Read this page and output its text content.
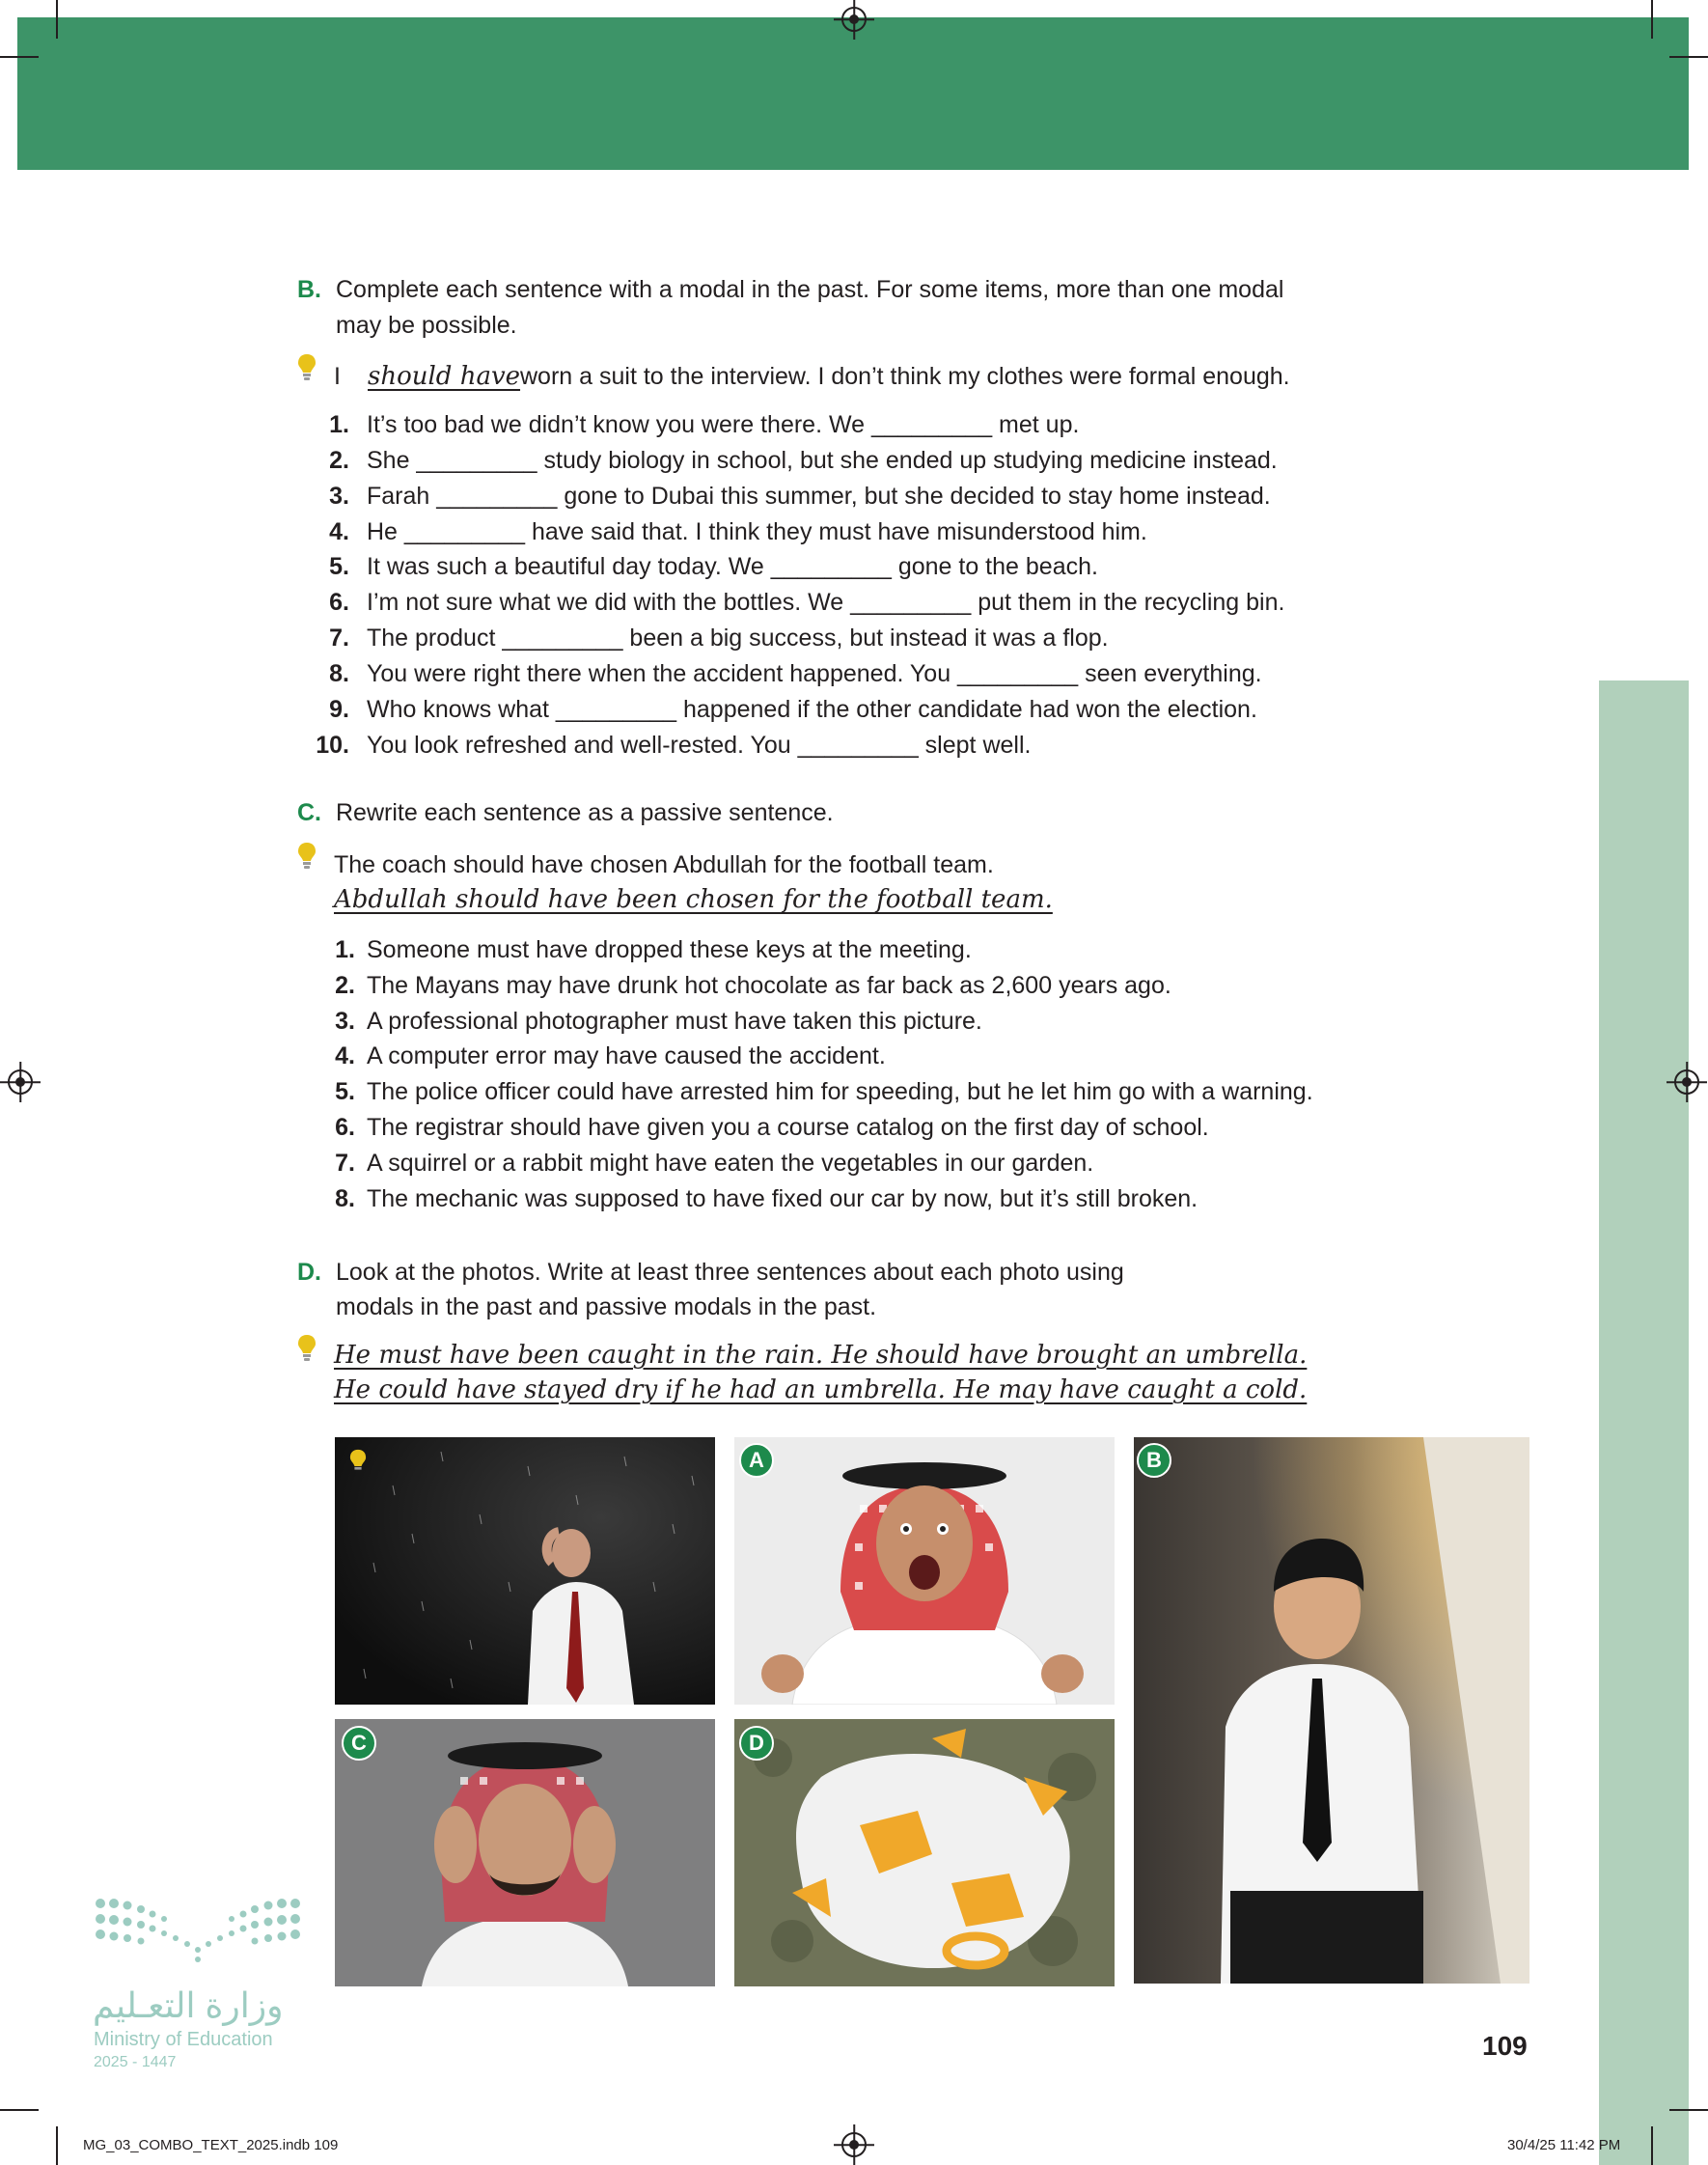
B. Complete each sentence with a modal in the past. For some items, more than one modal
may be possible.
I should have worn a suit to the interview. I don’t think my clothes were formal enough.
1. It’s too bad we didn’t know you were there. We _________ met up.
2. She _________ study biology in school, but she ended up studying medicine instead.
3. Farah _________ gone to Dubai this summer, but she decided to stay home instead.
4. He _________ have said that. I think they must have misunderstood him.
5. It was such a beautiful day today. We _________ gone to the beach.
6. I’m not sure what we did with the bottles. We _________ put them in the recycling bin.
7. The product _________ been a big success, but instead it was a flop.
8. You were right there when the accident happened. You _________ seen everything.
9. Who knows what _________ happened if the other candidate had won the election.
10. You look refreshed and well-rested. You _________ slept well.
C. Rewrite each sentence as a passive sentence.
The coach should have chosen Abdullah for the football team.
Abdullah should have been chosen for the football team.
1. Someone must have dropped these keys at the meeting.
2. The Mayans may have drunk hot chocolate as far back as 2,600 years ago.
3. A professional photographer must have taken this picture.
4. A computer error may have caused the accident.
5. The police officer could have arrested him for speeding, but he let him go with a warning.
6. The registrar should have given you a course catalog on the first day of school.
7. A squirrel or a rabbit might have eaten the vegetables in our garden.
8. The mechanic was supposed to have fixed our car by now, but it’s still broken.
D. Look at the photos. Write at least three sentences about each photo using
modals in the past and passive modals in the past.
He must have been caught in the rain. He should have brought an umbrella.
He could have stayed dry if he had an umbrella. He may have caught a cold.
A	B
C	D
وزارة التعـليم
Ministry of Education
2025 - 1447
109
MG_03_COMBO_TEXT_2025.indb 109	30/4/25 11:42 PM
